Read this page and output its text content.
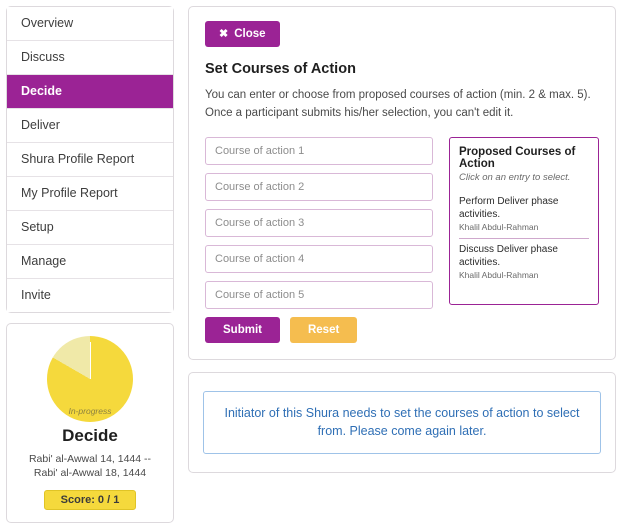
Overview
Discuss
Decide
Deliver
Shura Profile Report
My Profile Report
Setup
Manage
Invite
In-progress
Decide
Rabi' al-Awwal 14, 1444 -- Rabi' al-Awwal 18, 1444
Score: 0 / 1
✖ Close
Set Courses of Action
You can enter or choose from proposed courses of action (min. 2 & max. 5). Once a participant submits his/her selection, you can't edit it.
Course of action 1
Course of action 2
Course of action 3
Course of action 4
Course of action 5
Submit	Reset
Proposed Courses of Action
Click on an entry to select.
Perform Deliver phase activities.
Khalil Abdul-Rahman
Discuss Deliver phase activities.
Khalil Abdul-Rahman
Initiator of this Shura needs to set the courses of action to select from. Please come again later.
